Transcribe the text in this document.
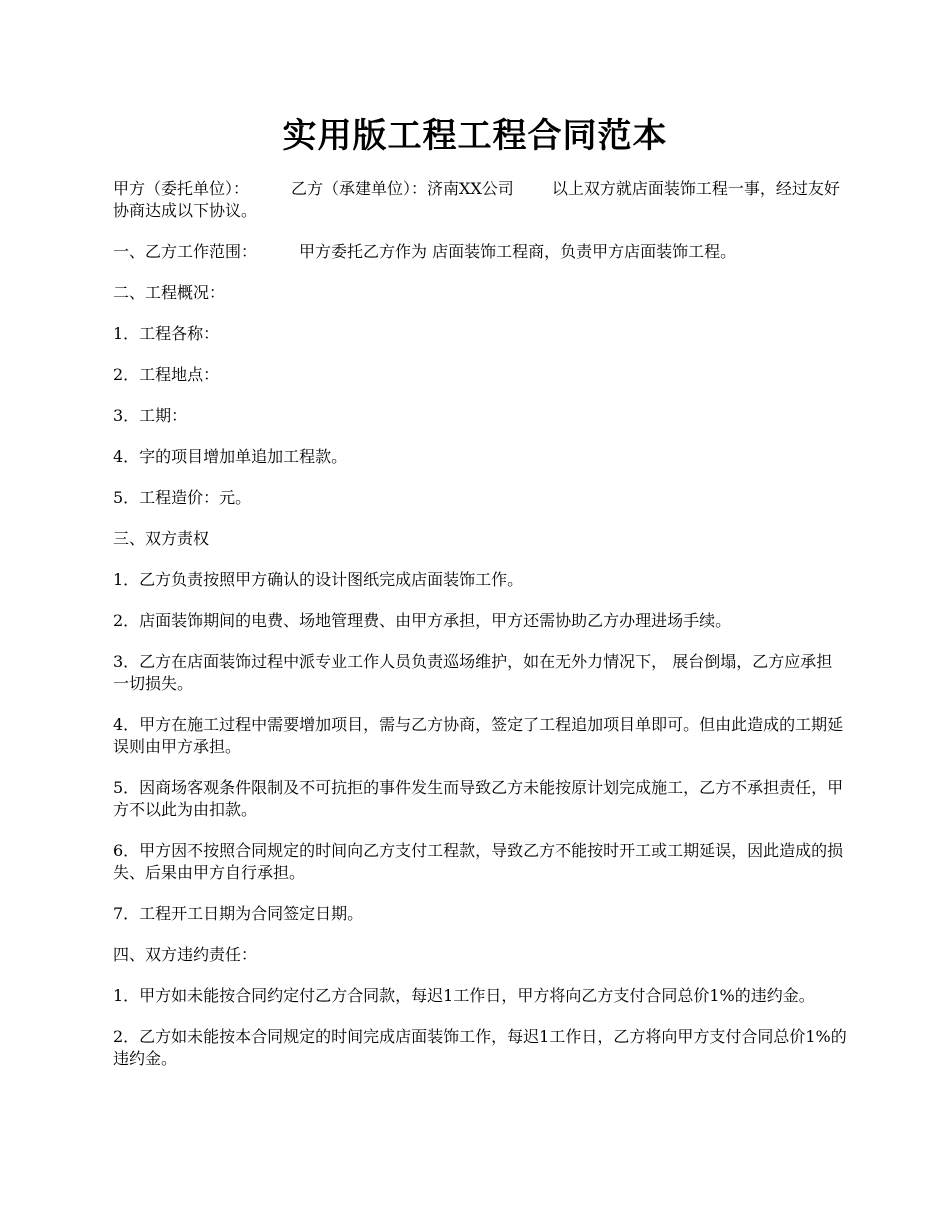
实用版工程工程合同范本

甲方（委托单位）：	乙方（承建单位）：济南XX公司 以上双方就店面装饰工程一事，经过友好协商达成以下协议。

一、乙方工作范围：	甲方委托乙方作为 店面装饰工程商，负责甲方店面装饰工程。

二、工程概况：

1．工程各称：

2．工程地点：

3．工期：

4．字的项目增加单追加工程款。

5．工程造价：元。

三、双方责权

1．乙方负责按照甲方确认的设计图纸完成店面装饰工作。

2．店面装饰期间的电费、场地管理费、由甲方承担，甲方还需协助乙方办理进场手续。

3．乙方在店面装饰过程中派专业工作人员负责巡场维护，如在无外力情况下， 展台倒塌，乙方应承担一切损失。

4．甲方在施工过程中需要增加项目，需与乙方协商，签定了工程追加项目单即可。但由此造成的工期延误则由甲方承担。

5．因商场客观条件限制及不可抗拒的事件发生而导致乙方未能按原计划完成施工，乙方不承担责任，甲方不以此为由扣款。

6．甲方因不按照合同规定的时间向乙方支付工程款，导致乙方不能按时开工或工期延误，因此造成的损失、后果由甲方自行承担。

7．工程开工日期为合同签定日期。

四、双方违约责任：

1．甲方如未能按合同约定付乙方合同款，每迟1工作日，甲方将向乙方支付合同总价1%的违约金。

2．乙方如未能按本合同规定的时间完成店面装饰工作，每迟1工作日，乙方将向甲方支付合同总价1%的违约金。
